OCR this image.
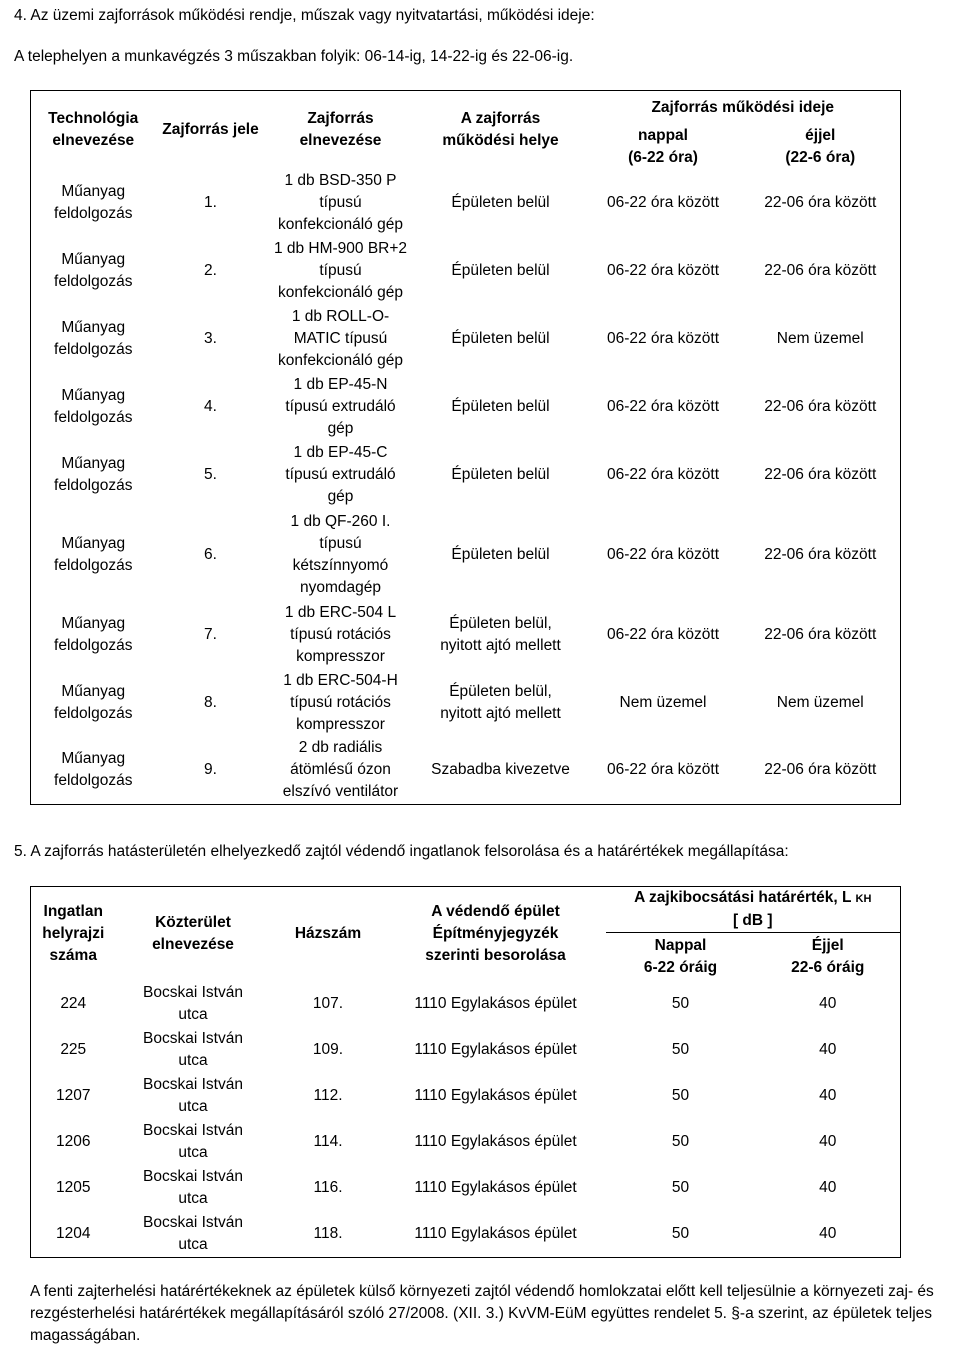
4. Az üzemi zajforrások működési rendje, műszak vagy nyitvatartási, működési ideje:
A telephelyen a munkavégzés 3 műszakban folyik: 06-14-ig, 14-22-ig és 22-06-ig.
Technológia
elnevezése	Zajforrás jele	Zajforrás
elnevezése	A zajforrás
működési helye	Zajforrás működési ideje	
				nappal
(6-22 óra)	éjjel
(22-6 óra)
Műanyag
feldolgozás	1.	1 db BSD-350 P
típusú
konfekcionáló gép	Épületen belül	06-22 óra között	22-06 óra között
Műanyag
feldolgozás	2.	1 db HM-900 BR+2
típusú
konfekcionáló gép	Épületen belül	06-22 óra között	22-06 óra között
Műanyag
feldolgozás	3.	1 db ROLL-O-
MATIC típusú
konfekcionáló gép	Épületen belül	06-22 óra között	Nem üzemel
Műanyag
feldolgozás	4.	1 db EP-45-N
típusú extrudáló
gép	Épületen belül	06-22 óra között	22-06 óra között
Műanyag
feldolgozás	5.	1 db EP-45-C
típusú extrudáló
gép	Épületen belül	06-22 óra között	22-06 óra között
Műanyag
feldolgozás	6.	1 db QF-260 I.
típusú
kétszínnyomó
nyomdagép	Épületen belül	06-22 óra között	22-06 óra között
Műanyag
feldolgozás	7.	1 db ERC-504 L
típusú rotációs
kompresszor	Épületen belül,
nyitott ajtó mellett	06-22 óra között	22-06 óra között
Műanyag
feldolgozás	8.	1 db ERC-504-H
típusú rotációs
kompresszor	Épületen belül,
nyitott ajtó mellett	Nem üzemel	Nem üzemel
Műanyag
feldolgozás	9.	2 db radiális
átömlésű ózon
elszívó ventilátor	Szabadba kivezetve	06-22 óra között	22-06 óra között
5. A zajforrás hatásterületén elhelyezkedő zajtól védendő ingatlanok felsorolása és a határértékek megállapítása:
Ingatlan
helyrajzi
száma	Közterület
elnevezése	Házszám	A védendő épület
Építményjegyzék
szerinti besorolása	A zajkibocsátási határérték, L KH
[ dB ]	
				Nappal
6-22 óráig	Éjjel
22-6 óráig
224	Bocskai István
utca	107.	1110 Egylakásos épület	50	40
225	Bocskai István
utca	109.	1110 Egylakásos épület	50	40
1207	Bocskai István
utca	112.	1110 Egylakásos épület	50	40
1206	Bocskai István
utca	114.	1110 Egylakásos épület	50	40
1205	Bocskai István
utca	116.	1110 Egylakásos épület	50	40
1204	Bocskai István
utca	118.	1110 Egylakásos épület	50	40
A fenti zajterhelési határértékeknek az épületek külső környezeti zajtól védendő homlokzatai előtt kell teljesülnie a környezeti zaj- és rezgésterhelési határértékek megállapításáról szóló 27/2008. (XII. 3.) KvVM-EüM együttes rendelet 5. §-a szerint, az épületek teljes magasságában.
